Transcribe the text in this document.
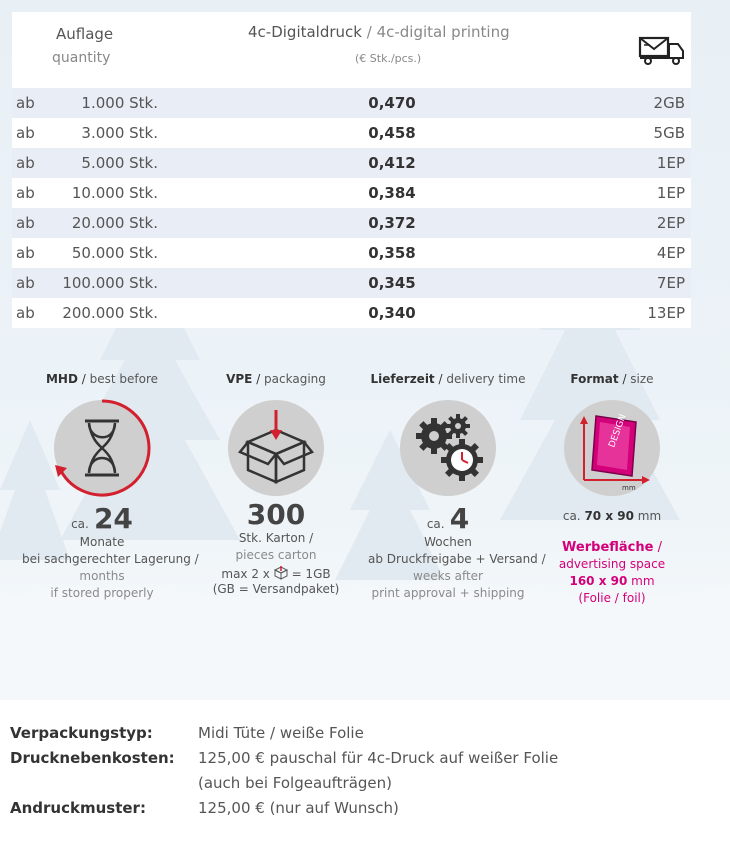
Auflage
quantity
4c-Digitaldruck / 4c-digital printing
(€ Stk./pcs.)
ab	1.000 Stk.	0,470	2GB
ab	3.000 Stk.	0,458	5GB
ab	5.000 Stk.	0,412	1EP
ab	10.000 Stk.	0,384	1EP
ab	20.000 Stk.	0,372	2EP
ab	50.000 Stk.	0,358	4EP
ab	100.000 Stk.	0,345	7EP
ab	200.000 Stk.	0,340	13EP
MHD / best before
ca. 24
Monate
bei sachgerechter Lagerung /
months
if stored properly
VPE / packaging
300
Stk. Karton /
pieces carton
max 2 x = 1GB
(GB = Versandpaket)
Lieferzeit / delivery time
ca. 4
Wochen
ab Druckfreigabe + Versand /
weeks after
print approval + shipping
Format / size
DESIGN
mm
ca. 70 x 90 mm
Werbefläche /
advertising space
160 x 90 mm
(Folie / foil)
Verpackungstyp:	Midi Tüte / weiße Folie
Drucknebenkosten: 125,00 € pauschal für 4c-Druck auf weißer Folie
(auch bei Folgeaufträgen)
Andruckmuster:	125,00 € (nur auf Wunsch)
